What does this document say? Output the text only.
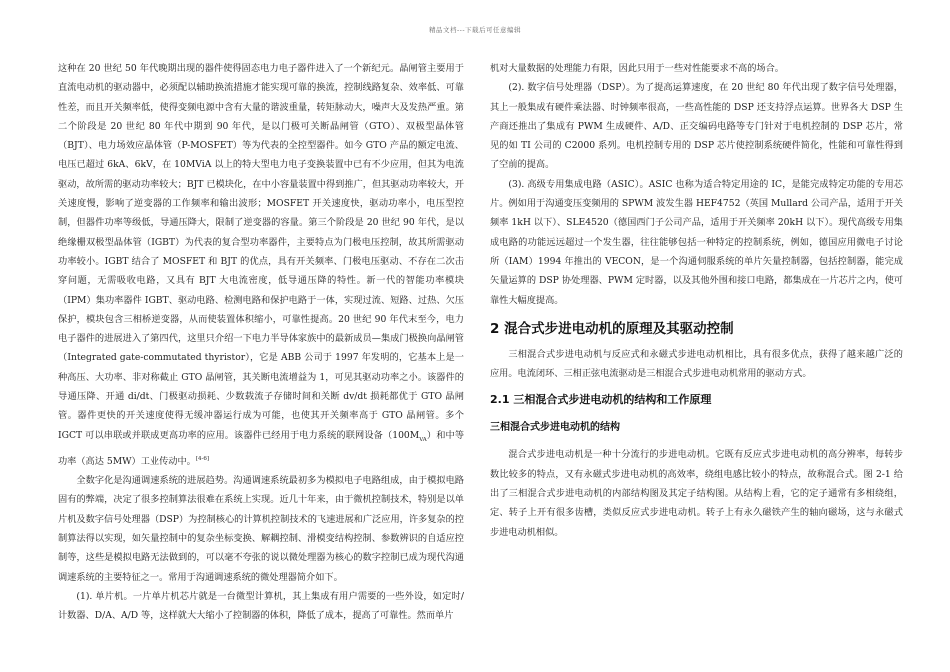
精品文档---下载后可任意编辑

这种在 20 世纪 50 年代晚期出现的器件使得固态电力电子器件进入了一个新纪元。晶闸管主要用于直流电动机的驱动器中，必须配以辅助换流措施才能实现可靠的换流，控制线路复杂、效率低、可靠性差，而且开关频率低，使得变频电源中含有大量的谐波重量，转矩脉动大，噪声大及发热严重。第二个阶段是 20 世纪 80 年代中期到 90 年代，是以门极可关断晶闸管（GTO）、双极型晶体管（BJT）、电力场效应晶体管（P-MOSFET）等为代表的全控型器件。如今 GTO 产品的额定电流、电压已超过 6kA、6kV，在 10MViA 以上的特大型电力电子变换装置中已有不少应用，但其为电流驱动，故所需的驱动功率较大；BJT 已模块化，在中小容量装置中得到推广，但其驱动功率较大，开关速度慢，影响了逆变器的工作频率和输出波形；MOSFET 开关速度快，驱动功率小，电压型控制，但器件功率等级低，导通压降大，限制了逆变器的容量。第三个阶段是 20 世纪 90 年代，是以绝缘栅双极型晶体管（IGBT）为代表的复合型功率器件，主要特点为门极电压控制，故其所需驱动功率较小。IGBT 结合了 MOSFET 和 BJT 的优点，具有开关频率、门极电压驱动、不存在二次击穿问题，无需吸收电路，又具有 BJT 大电流密度，低导通压降的特性。新一代的智能功率模块（IPM）集功率器件 IGBT、驱动电路、检测电路和保护电路于一体，实现过流、短路、过热、欠压保护，模块包含三相桥逆变器，从而使装置体积缩小，可靠性提高。20 世纪 90 年代末至今，电力电子器件的进展进入了第四代，这里只介绍一下电力半导体家族中的最新成员—集成门极换向晶闸管（Integrated gate-commutated thyristor），它是 ABB 公司于 1997 年发明的，它基本上是一种高压、大功率、非对称截止 GTO 晶闸管，其关断电流增益为 1，可见其驱动功率之小。该器件的导通压降、开通 di/dt、门极驱动损耗、少数载流子存储时间和关断 dv/dt 损耗都优于 GTO 晶闸管。器件更快的开关速度使得无缓冲器运行成为可能，也使其开关频率高于 GTO 晶闸管。多个 IGCT 可以串联或并联成更高功率的应用。该器件已经用于电力系统的联网设备$(100M_{VA})$和中等功率（高达 5MW）工业传动中。[4-6]

全数字化是沟通调速系统的进展趋势。沟通调速系统最初多为模拟电子电路组成，由于模拟电路固有的弊端，决定了很多控制算法很难在系统上实现。近几十年来，由于微机控制技术，特别是以单片机及数字信号处理器（DSP）为控制核心的计算机控制技术的飞速进展和广泛应用，许多复杂的控制算法得以实现，如矢量控制中的复杂坐标变换、解耦控制、滑模变结构控制、参数辨识的自适应控制等，这些是模拟电路无法做到的，可以毫不夸张的说以微处理器为核心的数字控制已成为现代沟通调速系统的主要特征之一。常用于沟通调速系统的微处理器简介如下。

(1). 单片机。一片单片机芯片就是一台微型计算机，其上集成有用户需要的一些外设，如定时/计数器、D/A、A/D 等，这样就大大缩小了控制器的体积，降低了成本，提高了可靠性。然而单片

机对大量数据的处理能力有限，因此只用于一些对性能要求不高的场合。

(2). 数字信号处理器（DSP）。为了提高运算速度，在 20 世纪 80 年代出现了数字信号处理器，其上一般集成有硬件乘法器、时钟频率很高，一些高性能的 DSP 还支持浮点运算。世界各大 DSP 生产商还推出了集成有 PWM 生成硬件、A/D、正交编码电路等专门针对于电机控制的 DSP 芯片，常见的如 TI 公司的 C2000 系列。电机控制专用的 DSP 芯片使控制系统硬件简化，性能和可靠性得到了空前的提高。

(3). 高级专用集成电路（ASIC）。ASIC 也称为适合特定用途的 IC，是能完成特定功能的专用芯片。例如用于沟通变压变频用的 SPWM 波发生器 HEF4752（英国 Mullard 公司产品，适用于开关频率 1kH 以下）、SLE4520（德国西门子公司产品，适用于开关频率 20kH 以下）。现代高级专用集成电路的功能远远超过一个发生器，往往能够包括一种特定的控制系统，例如，德国应用微电子讨论所（IAM）1994 年推出的 VECON，是一个沟通伺服系统的单片矢量控制器，包括控制器，能完成矢量运算的 DSP 协处理器、PWM 定时器，以及其他外围和接口电路，都集成在一片芯片之内，使可靠性大幅度提高。

2 混合式步进电动机的原理及其驱动控制

三相混合式步进电动机与反应式和永磁式步进电动机相比，具有很多优点，获得了越来越广泛的应用。电流闭环、三相正弦电流驱动是三相混合式步进电动机常用的驱动方式。

2.1 三相混合式步进电动机的结构和工作原理
三相混合式步进电动机的结构

混合式步进电动机是一种十分流行的步进电动机。它既有反应式步进电动机的高分辨率，每转步数比较多的特点，又有永磁式步进电动机的高效率，绕组电感比较小的特点，故称混合式。图 2-1 给出了三相混合式步进电动机的内部结构图及其定子结构图。从结构上看，它的定子通常有多相绕组，定、转子上开有很多齿槽，类似反应式步进电动机。转子上有永久磁铁产生的轴向磁场，这与永磁式步进电动机相似。
